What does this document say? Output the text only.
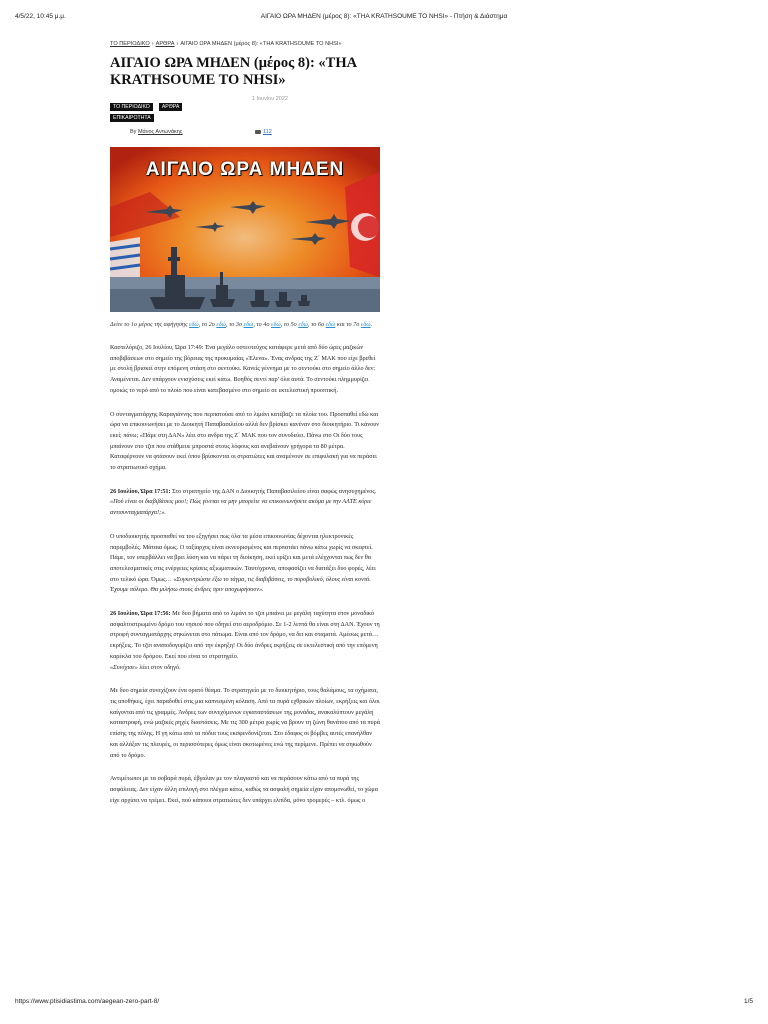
4/5/22, 10:45 μ.μ.	ΑΙΓΑΙΟ ΩΡΑ ΜΗΔΕΝ (μέρος 8): «THA KRATHSOUME TO NHSI» - Πτήση & Διάστημα
ΤΟ ΠΕΡΙΟΔΙΚΟ › ΑΡΘΡΑ › ΑΙΓΑΙΟ ΩΡΑ ΜΗΔΕΝ (μέρος 8): «THA KRATHSOUME TO NHSI»
ΑΙΓΑΙΟ ΩΡΑ ΜΗΔΕΝ (μέρος 8): «THA KRATHSOUME TO NHSI»
ΤΟ ΠΕΡΙΟΔΙΚΟ ΑΡΘΡΑ
ΕΠΙΚΑΙΡΟΤΗΤΑ
1 Ιουνίου 2022
By Μάνος Αντωνάκης	112
ΑΙΓΑΙΟ ΩΡΑ ΜΗΔΕΝ

Δείτε το 1ο μέρος της αφήγησης εδώ, το 2ο εδώ, το 3ο εδώ, το 4ο εδώ, το 5ο εδώ, το 6ο εδώ και το 7ο εδώ.

Καστελόριζο, 26 Ιουλίου, Ώρα 17:49: Ένα μεγάλο οστεοτεύχος κατάφερε μετά από δύο ώρες μαζικών αποβιβάσεων στο σημείο της βόρειας της προκυμαίας «Έλενα». Ένας ανδρας της Ζ΄ ΜΑΚ που είχε βρεθεί με στολή βρισκεί στην επόμενη στάση στο σεντούκι. Κανείς γέννημα με το σεντούκι στο σημείο άλλο δεν: Αναμένεται. Δεν υπάρχουν ενισχύσεις εκεί κάτω. Βοηθός σεντί παρ' όλα αυτά. Το σεντούκι πλημμυρίζει ομοιώς το νερό από το πλοίο που είναι κατεβασμένο στο σημείο σε εκτελεστική προοπτική.

Ο συνταγματάρχης Καραγιάννης που περπατούσε από το λιμάνι κατέβαζε τα πλοία του. Προσπαθεί εδώ και ώρα να επικοινωνήσει με το Διοικητή Παπαβασιλείου αλλά δεν βρίσκει κανέναν στο διοικητήριο. Τι κάνουν εκεί; πάνω; «Πάμε στη ΔΑΝ» λέει στο ανδρα της Ζ΄ ΜΑΚ που τον συνοδεύει. Πάνω στο Οι δύο τους μπαίνουν στο τζιπ που στάθμευε μπροστά στους λόφους και ανεβαίνουν γρήγορα τα 80 μέτρα. Καταφέρνουν να φτάσουν εκεί όπου βρίσκονται οι στρατιώτες και αναμένουν σε επιφυλακή για να περάσει το στρατιωτικό σχήμα.

26 Ιουλίου, Ώρα 17:51: Στο στρατηγείο της ΔΑΝ ο Διοικητής Παπαβασιλείου είναι σαφώς ανησυχημένος. «Πού είναι οι διαβιβάσεις μου!; Πώς γίνεται να μην μπορείτε να επικοινωνήσετε ακόμα με την ΑΛΤΕ κύριε αντισυνταγματάρχα!;».

Ο υποδιοικητής προσπαθεί να του εξηγήσει πως όλα τα μέσα επικοινωνίας δέχονται ηλεκτρονικές παρεμβολές. Μάταια όμως. Ο ταξίαρχος είναι εκνευρισμένος και περπατάει πάνω κάτω χωρίς να σκεφτεί. Πάμε, τον υπερβάλλει να βρει λύση και να πάρει τη διοίκηση, εκεί ερίζει και μετά ελέγχονται πως δεν θα αποτελεσματικές στις ενέργειες κρίσεις αξιωματικών. Ταυτόχρονα, αποφασίζει να διατάξει δυο φορές, λέει στο τελικό ώρα. Όμως… «Συγκεντρώστε έξω το τάγμα, τις διαβιβάσεις, το πυροβολικό, όλους είναι κοντά. Έχουμε πόλεμο. Θα μιλήσω στους άνδρες πριν αποχωρήσουν».

26 Ιουλίου, Ώρα 17:56: Με δυο βήματα από το λιμάνι το τζιπ μπαίνει με μεγάλη ταχύτητα στον μοναδικό ασφαλτοστρωμένο δρόμο του νησιού που οδηγεί στο αεροδρόμιο. Σε 1-2 λεπτά θα είναι στη ΔΑΝ. Έχουν τη στροφή συνταγματάρχης σηκώνεται στο πάτωμα. Είναι από τον δρόμο, να δει και σταματά. Αμέσως μετά… εκρήξεις. Το τζιπ αναποδογυρίζει από την έκρηξη! Οι δύο άνδρες εκρήξεις σε εκτελεστική από την επόμενη καρέκλα του δρόμου. Εκεί που είναι το στρατηγείο.
«Συνέχισε» λέει στον οδηγό.

Με δυο σημεία συνεχίζουν ένα ορατό θέαμα. Το στρατηγείο με το διοικητήριο, τους θαλάμους, τα οχήματα, τις αποθήκες, έχει παραδοθεί στις μια καπνισμένη κόλαση. Από τα πυρά εχθρικών πλοίων, εκρήξεις και όλοι καίγονται από τις γραμμές. Άνδρες των συνεχόμενων εγκαταστάσεων της μονάδας, ανακαλύπτουν μεγάλη καταστροφή, ενώ μαζικές ρηχές διαστάσεις. Με τις 300 μέτρα χωρίς να βρουν τη ζώνη θανάτου από τα πυρά επίσης της πόλης. Η γη κάτω από τα πόδια τους εκσφενδονίζεται. Στο έδαφος οι βόμβες αυτές επανήλθαν και αλλάξαν τις πλευρές, οι περισσότερες όμως είναι σκοτωμένες ενώ της περίμενε. Πρέπει να σηκωθούν από το δρόμο.

Αντιμέτωποι με τα σοβαρά πυρά, έβγαλαν με τον πλαγιαστό και να περάσουν κάτω από τα πυρά της ασφάλειας. Δεν είχαν άλλη επιλογή στο πλέγμα κάτω, καθώς τα ασφαλή σημεία είχαν απομονωθεί, το χώμα είχε αρχίσει να τρέμει. Εκεί, πού κάποιοι στρατιώτες δεν υπάρχει ελπίδα, μόνο τρομερές – κτλ. όμως ο

https://www.ptisidiastima.com/aegean-zero-part-8/	1/5
